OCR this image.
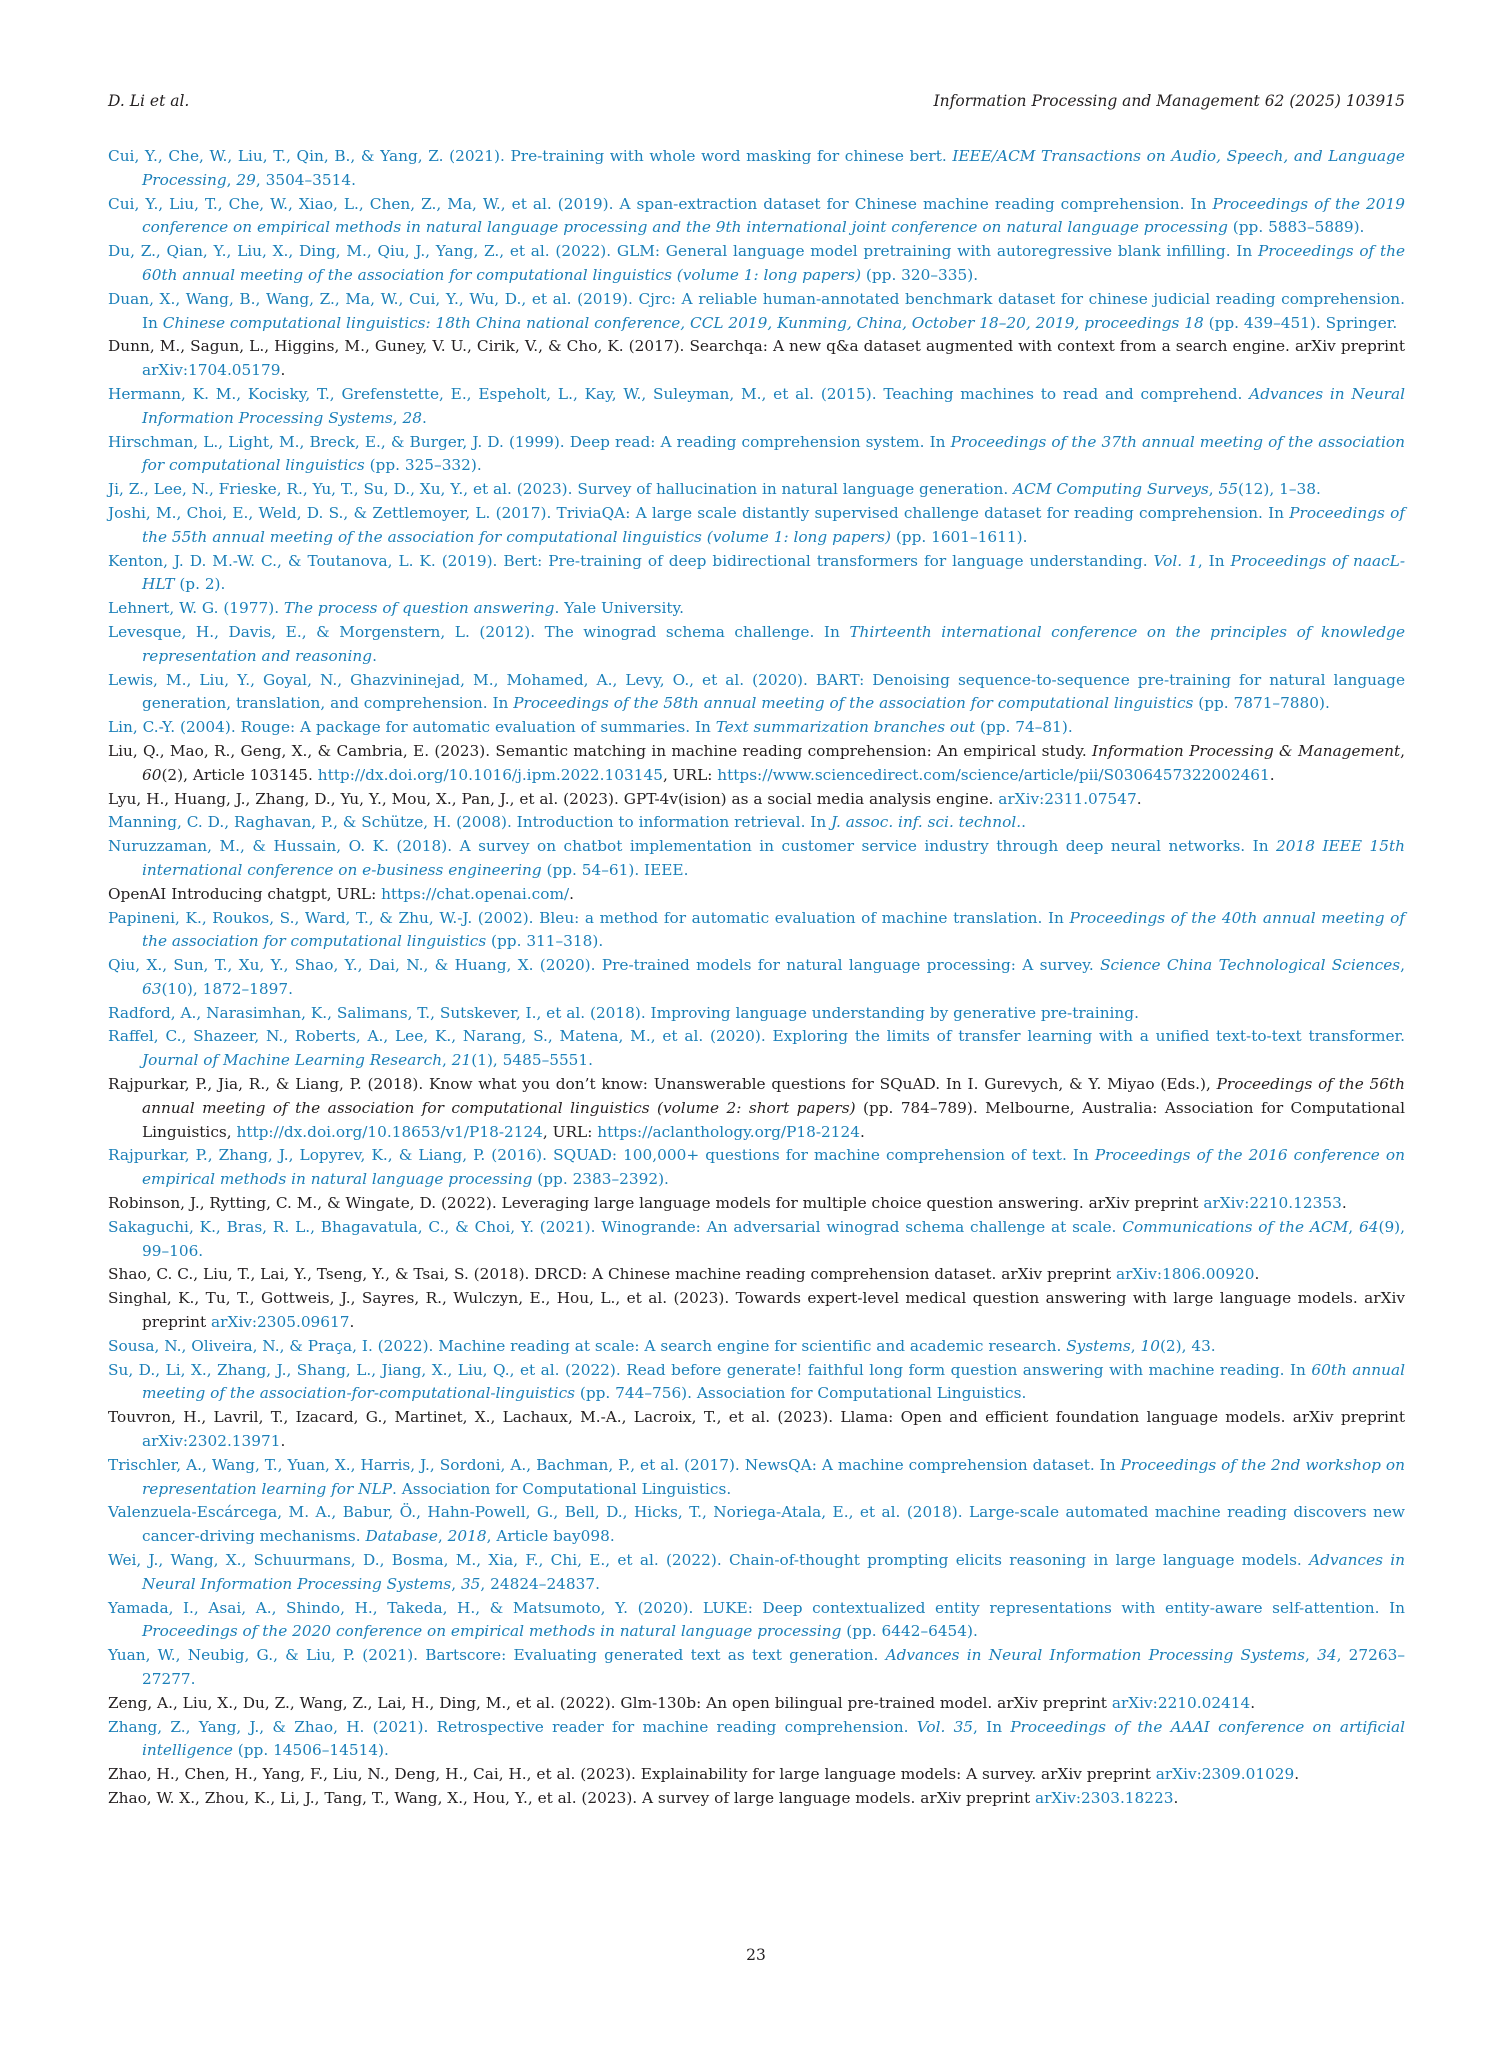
D. Li et al.	Information Processing and Management 62 (2025) 103915

Cui, Y., Che, W., Liu, T., Qin, B., & Yang, Z. (2021). Pre-training with whole word masking for chinese bert. IEEE/ACM Transactions on Audio, Speech, and Language Processing, 29, 3504–3514.

Cui, Y., Liu, T., Che, W., Xiao, L., Chen, Z., Ma, W., et al. (2019). A span-extraction dataset for Chinese machine reading comprehension. In Proceedings of the 2019 conference on empirical methods in natural language processing and the 9th international joint conference on natural language processing (pp. 5883–5889).

Du, Z., Qian, Y., Liu, X., Ding, M., Qiu, J., Yang, Z., et al. (2022). GLM: General language model pretraining with autoregressive blank infilling. In Proceedings of the 60th annual meeting of the association for computational linguistics (volume 1: long papers) (pp. 320–335).

Duan, X., Wang, B., Wang, Z., Ma, W., Cui, Y., Wu, D., et al. (2019). Cjrc: A reliable human-annotated benchmark dataset for chinese judicial reading comprehension. In Chinese computational linguistics: 18th China national conference, CCL 2019, Kunming, China, October 18–20, 2019, proceedings 18 (pp. 439–451). Springer.

Dunn, M., Sagun, L., Higgins, M., Guney, V. U., Cirik, V., & Cho, K. (2017). Searchqa: A new q&a dataset augmented with context from a search engine. arXiv preprint arXiv:1704.05179.

Hermann, K. M., Kocisky, T., Grefenstette, E., Espeholt, L., Kay, W., Suleyman, M., et al. (2015). Teaching machines to read and comprehend. Advances in Neural Information Processing Systems, 28.

Hirschman, L., Light, M., Breck, E., & Burger, J. D. (1999). Deep read: A reading comprehension system. In Proceedings of the 37th annual meeting of the association for computational linguistics (pp. 325–332).

Ji, Z., Lee, N., Frieske, R., Yu, T., Su, D., Xu, Y., et al. (2023). Survey of hallucination in natural language generation. ACM Computing Surveys, 55(12), 1–38.

Joshi, M., Choi, E., Weld, D. S., & Zettlemoyer, L. (2017). TriviaQA: A large scale distantly supervised challenge dataset for reading comprehension. In Proceedings of the 55th annual meeting of the association for computational linguistics (volume 1: long papers) (pp. 1601–1611).

Kenton, J. D. M.-W. C., & Toutanova, L. K. (2019). Bert: Pre-training of deep bidirectional transformers for language understanding. Vol. 1, In Proceedings of naacL-HLT (p. 2).

Lehnert, W. G. (1977). The process of question answering. Yale University.

Levesque, H., Davis, E., & Morgenstern, L. (2012). The winograd schema challenge. In Thirteenth international conference on the principles of knowledge representation and reasoning.

Lewis, M., Liu, Y., Goyal, N., Ghazvininejad, M., Mohamed, A., Levy, O., et al. (2020). BART: Denoising sequence-to-sequence pre-training for natural language generation, translation, and comprehension. In Proceedings of the 58th annual meeting of the association for computational linguistics (pp. 7871–7880).

Lin, C.-Y. (2004). Rouge: A package for automatic evaluation of summaries. In Text summarization branches out (pp. 74–81).

Liu, Q., Mao, R., Geng, X., & Cambria, E. (2023). Semantic matching in machine reading comprehension: An empirical study. Information Processing & Management, 60(2), Article 103145. http://dx.doi.org/10.1016/j.ipm.2022.103145, URL: https://www.sciencedirect.com/science/article/pii/S0306457322002461.

Lyu, H., Huang, J., Zhang, D., Yu, Y., Mou, X., Pan, J., et al. (2023). GPT-4v(ision) as a social media analysis engine. arXiv:2311.07547.

Manning, C. D., Raghavan, P., & Schütze, H. (2008). Introduction to information retrieval. In J. assoc. inf. sci. technol..

Nuruzzaman, M., & Hussain, O. K. (2018). A survey on chatbot implementation in customer service industry through deep neural networks. In 2018 IEEE 15th international conference on e-business engineering (pp. 54–61). IEEE.

OpenAI Introducing chatgpt, URL: https://chat.openai.com/.

Papineni, K., Roukos, S., Ward, T., & Zhu, W.-J. (2002). Bleu: a method for automatic evaluation of machine translation. In Proceedings of the 40th annual meeting of the association for computational linguistics (pp. 311–318).

Qiu, X., Sun, T., Xu, Y., Shao, Y., Dai, N., & Huang, X. (2020). Pre-trained models for natural language processing: A survey. Science China Technological Sciences, 63(10), 1872–1897.

Radford, A., Narasimhan, K., Salimans, T., Sutskever, I., et al. (2018). Improving language understanding by generative pre-training.

Raffel, C., Shazeer, N., Roberts, A., Lee, K., Narang, S., Matena, M., et al. (2020). Exploring the limits of transfer learning with a unified text-to-text transformer. Journal of Machine Learning Research, 21(1), 5485–5551.

Rajpurkar, P., Jia, R., & Liang, P. (2018). Know what you don’t know: Unanswerable questions for SQuAD. In I. Gurevych, & Y. Miyao (Eds.), Proceedings of the 56th annual meeting of the association for computational linguistics (volume 2: short papers) (pp. 784–789). Melbourne, Australia: Association for Computational Linguistics, http://dx.doi.org/10.18653/v1/P18-2124, URL: https://aclanthology.org/P18-2124.

Rajpurkar, P., Zhang, J., Lopyrev, K., & Liang, P. (2016). SQUAD: 100,000+ questions for machine comprehension of text. In Proceedings of the 2016 conference on empirical methods in natural language processing (pp. 2383–2392).

Robinson, J., Rytting, C. M., & Wingate, D. (2022). Leveraging large language models for multiple choice question answering. arXiv preprint arXiv:2210.12353.

Sakaguchi, K., Bras, R. L., Bhagavatula, C., & Choi, Y. (2021). Winogrande: An adversarial winograd schema challenge at scale. Communications of the ACM, 64(9), 99–106.

Shao, C. C., Liu, T., Lai, Y., Tseng, Y., & Tsai, S. (2018). DRCD: A Chinese machine reading comprehension dataset. arXiv preprint arXiv:1806.00920.

Singhal, K., Tu, T., Gottweis, J., Sayres, R., Wulczyn, E., Hou, L., et al. (2023). Towards expert-level medical question answering with large language models. arXiv preprint arXiv:2305.09617.

Sousa, N., Oliveira, N., & Praça, I. (2022). Machine reading at scale: A search engine for scientific and academic research. Systems, 10(2), 43.

Su, D., Li, X., Zhang, J., Shang, L., Jiang, X., Liu, Q., et al. (2022). Read before generate! faithful long form question answering with machine reading. In 60th annual meeting of the association-for-computational-linguistics (pp. 744–756). Association for Computational Linguistics.

Touvron, H., Lavril, T., Izacard, G., Martinet, X., Lachaux, M.-A., Lacroix, T., et al. (2023). Llama: Open and efficient foundation language models. arXiv preprint arXiv:2302.13971.

Trischler, A., Wang, T., Yuan, X., Harris, J., Sordoni, A., Bachman, P., et al. (2017). NewsQA: A machine comprehension dataset. In Proceedings of the 2nd workshop on representation learning for NLP. Association for Computational Linguistics.

Valenzuela-Escárcega, M. A., Babur, Ö., Hahn-Powell, G., Bell, D., Hicks, T., Noriega-Atala, E., et al. (2018). Large-scale automated machine reading discovers new cancer-driving mechanisms. Database, 2018, Article bay098.

Wei, J., Wang, X., Schuurmans, D., Bosma, M., Xia, F., Chi, E., et al. (2022). Chain-of-thought prompting elicits reasoning in large language models. Advances in Neural Information Processing Systems, 35, 24824–24837.

Yamada, I., Asai, A., Shindo, H., Takeda, H., & Matsumoto, Y. (2020). LUKE: Deep contextualized entity representations with entity-aware self-attention. In Proceedings of the 2020 conference on empirical methods in natural language processing (pp. 6442–6454).

Yuan, W., Neubig, G., & Liu, P. (2021). Bartscore: Evaluating generated text as text generation. Advances in Neural Information Processing Systems, 34, 27263–27277.

Zeng, A., Liu, X., Du, Z., Wang, Z., Lai, H., Ding, M., et al. (2022). Glm-130b: An open bilingual pre-trained model. arXiv preprint arXiv:2210.02414.

Zhang, Z., Yang, J., & Zhao, H. (2021). Retrospective reader for machine reading comprehension. Vol. 35, In Proceedings of the AAAI conference on artificial intelligence (pp. 14506–14514).

Zhao, H., Chen, H., Yang, F., Liu, N., Deng, H., Cai, H., et al. (2023). Explainability for large language models: A survey. arXiv preprint arXiv:2309.01029.

Zhao, W. X., Zhou, K., Li, J., Tang, T., Wang, X., Hou, Y., et al. (2023). A survey of large language models. arXiv preprint arXiv:2303.18223.

23
